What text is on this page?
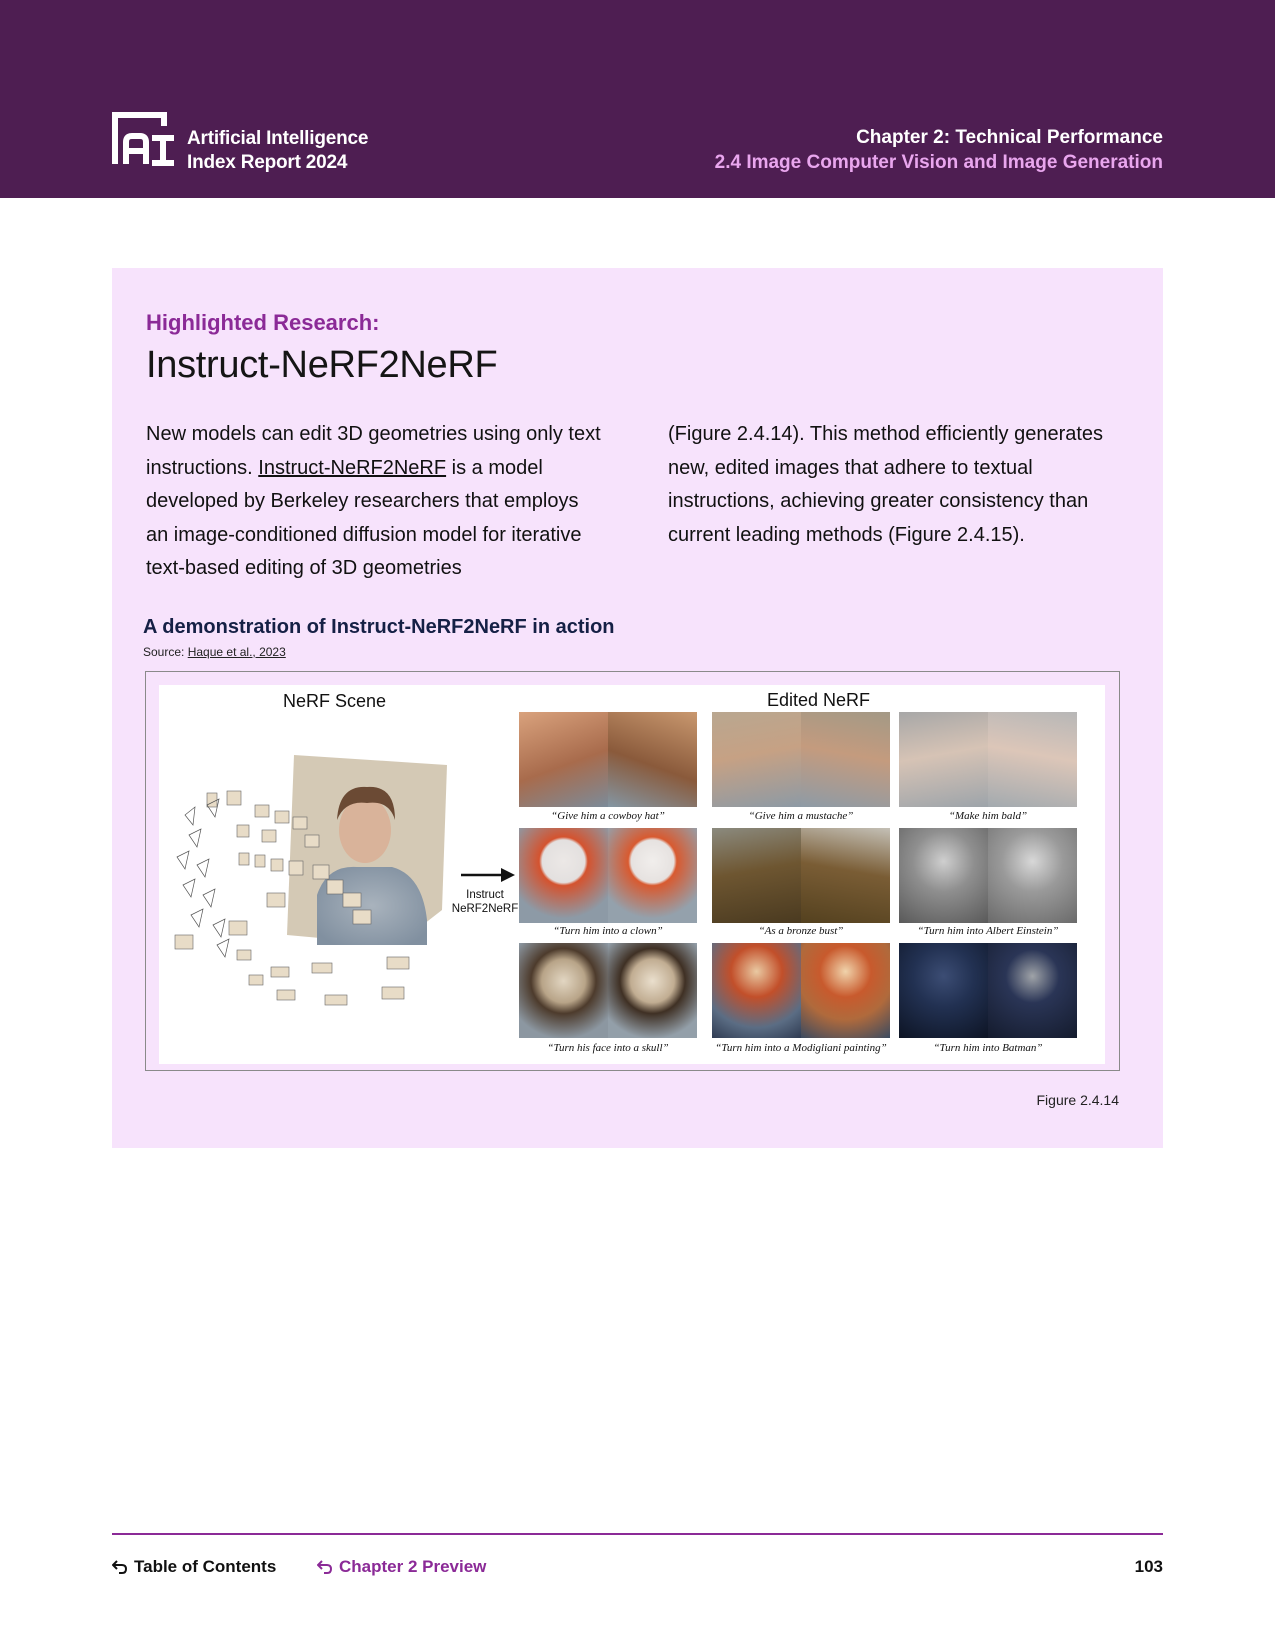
Artificial Intelligence
Index Report 2024
Chapter 2: Technical Performance
2.4 Image Computer Vision and Image Generation
Highlighted Research:
Instruct-NeRF2NeRF
New models can edit 3D geometries using only text instructions. Instruct-NeRF2NeRF is a model developed by Berkeley researchers that employs an image-conditioned diffusion model for iterative text-based editing of 3D geometries
(Figure 2.4.14). This method efficiently generates new, edited images that adhere to textual instructions, achieving greater consistency than current leading methods (Figure 2.4.15).
A demonstration of Instruct-NeRF2NeRF in action
Source: Haque et al., 2023
NeRF Scene	Edited NeRF
Instruct
NeRF2NeRF
“Give him a cowboy hat”	“Give him a mustache”	“Make him bald”
“Turn him into a clown”	“As a bronze bust”	“Turn him into Albert Einstein”
“Turn his face into a skull”	“Turn him into a Modigliani painting”	“Turn him into Batman”
Figure 2.4.14
Table of Contents	Chapter 2 Preview	103
